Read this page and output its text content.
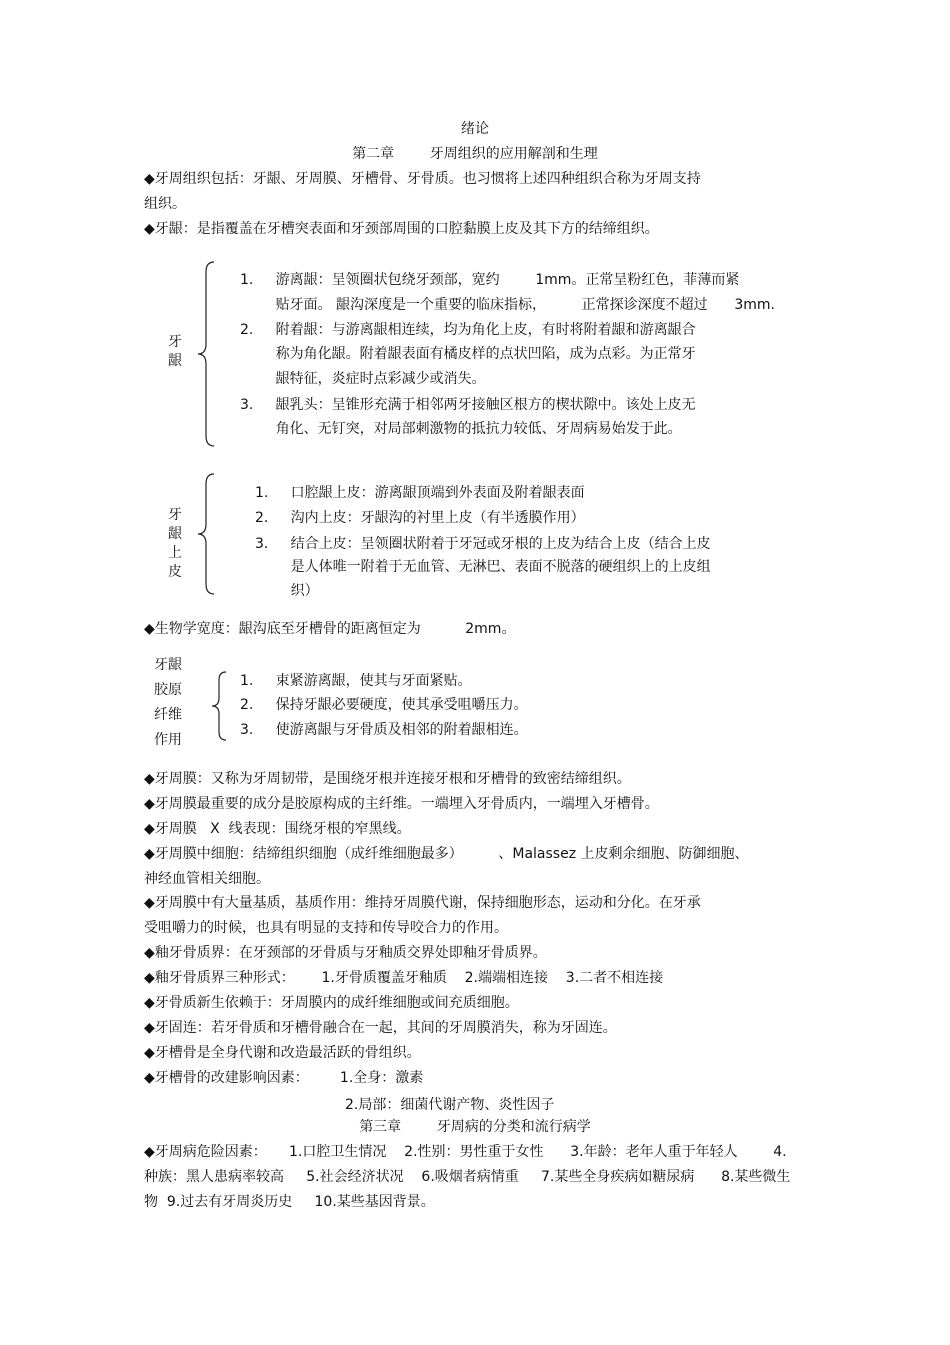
绪论
第二章        牙周组织的应用解剖和生理
◆牙周组织包括：牙龈、牙周膜、牙槽骨、牙骨质。也习惯将上述四种组织合称为牙周支持
组织。
◆牙龈：是指覆盖在牙槽突表面和牙颈部周围的口腔黏膜上皮及其下方的结缔组织。
牙
龈
1.     游离龈：呈领圈状包绕牙颈部，宽约        1mm。正常呈粉红色，菲薄而紧
贴牙面。 龈沟深度是一个重要的临床指标，        正常探诊深度不超过      3mm.
2.     附着龈：与游离龈相连续，均为角化上皮，有时将附着龈和游离龈合
称为角化龈。附着龈表面有橘皮样的点状凹陷，成为点彩。为正常牙
龈特征，炎症时点彩减少或消失。
3.     龈乳头：呈锥形充满于相邻两牙接触区根方的楔状隙中。该处上皮无
角化、无钉突，对局部刺激物的抵抗力较低、牙周病易始发于此。
牙
龈
上
皮
1.     口腔龈上皮：游离龈顶端到外表面及附着龈表面
2.     沟内上皮：牙龈沟的衬里上皮（有半透膜作用）
3.     结合上皮：呈领圈状附着于牙冠或牙根的上皮为结合上皮（结合上皮
是人体唯一附着于无血管、无淋巴、表面不脱落的硬组织上的上皮组
织）
◆生物学宽度：龈沟底至牙槽骨的距离恒定为          2mm。
牙龈
胶原
纤维
作用
1.     束紧游离龈，使其与牙面紧贴。
2.     保持牙龈必要硬度，使其承受咀嚼压力。
3.     使游离龈与牙骨质及相邻的附着龈相连。
◆牙周膜：又称为牙周韧带，是围绕牙根并连接牙根和牙槽骨的致密结缔组织。
◆牙周膜最重要的成分是胶原构成的主纤维。一端埋入牙骨质内，一端埋入牙槽骨。
◆牙周膜   X  线表现：围绕牙根的窄黑线。
◆牙周膜中细胞：结缔组织细胞（成纤维细胞最多）        、Malassez 上皮剩余细胞、防御细胞、
神经血管相关细胞。
◆牙周膜中有大量基质，基质作用：维持牙周膜代谢，保持细胞形态，运动和分化。在牙承
受咀嚼力的时候，也具有明显的支持和传导咬合力的作用。
◆釉牙骨质界：在牙颈部的牙骨质与牙釉质交界处即釉牙骨质界。
◆釉牙骨质界三种形式：      1.牙骨质覆盖牙釉质    2.端端相连接    3.二者不相连接
◆牙骨质新生依赖于：牙周膜内的成纤维细胞或间充质细胞。
◆牙固连：若牙骨质和牙槽骨融合在一起，其间的牙周膜消失，称为牙固连。
◆牙槽骨是全身代谢和改造最活跃的骨组织。
◆牙槽骨的改建影响因素：       1.全身：激素
2.局部：细菌代谢产物、炎性因子
第三章        牙周病的分类和流行病学
◆牙周病危险因素：     1.口腔卫生情况    2.性别：男性重于女性      3.年龄：老年人重于年轻人        4.
种族：黑人患病率较高     5.社会经济状况    6.吸烟者病情重     7.某些全身疾病如糖尿病      8.某些微生
物  9.过去有牙周炎历史     10.某些基因背景。
